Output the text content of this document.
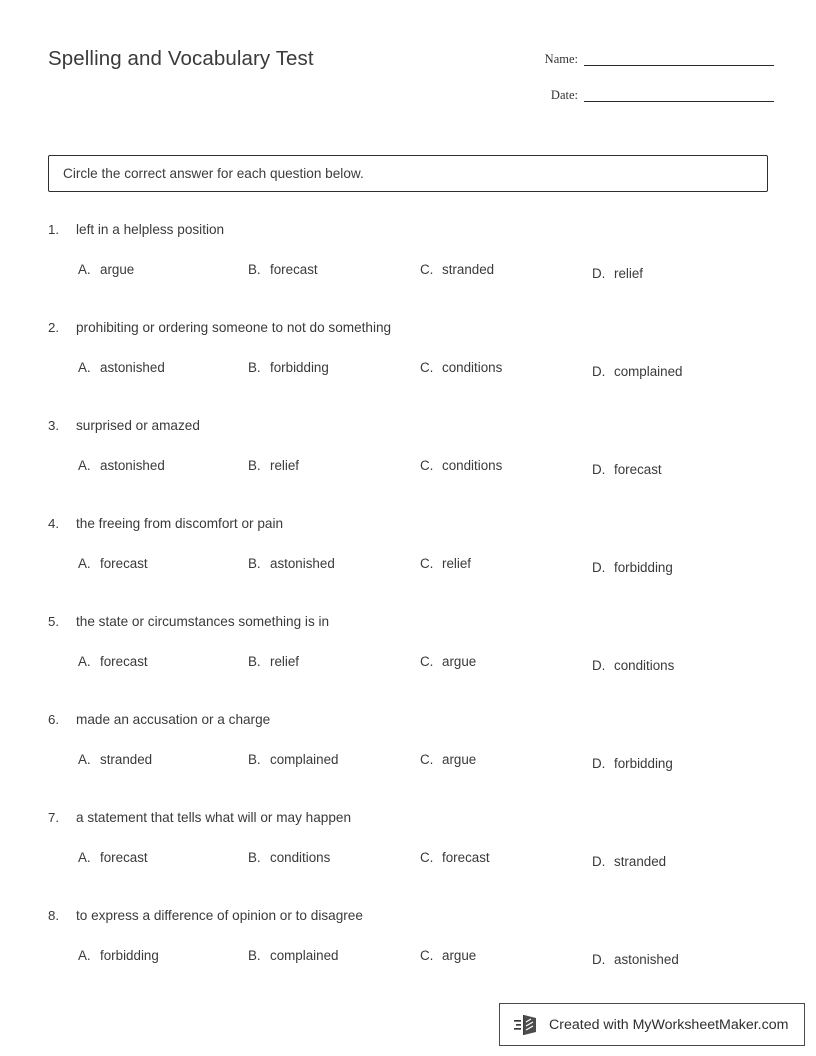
Spelling and Vocabulary Test	Name:
Date:
Circle the correct answer for each question below.
1.	left in a helpless position
A. argue	B. forecast	C. stranded	D. relief
2.	prohibiting or ordering someone to not do something
A. astonished	B. forbidding	C. conditions	D. complained
3.	surprised or amazed
A. astonished	B. relief	C. conditions	D. forecast
4.	the freeing from discomfort or pain
A. forecast	B. astonished	C. relief	D. forbidding
5.	the state or circumstances something is in
A. forecast	B. relief	C. argue	D. conditions
6.	made an accusation or a charge
A. stranded	B. complained	C. argue	D. forbidding
7.	a statement that tells what will or may happen
A. forecast	B. conditions	C. forecast	D. stranded
8.	to express a difference of opinion or to disagree
A. forbidding	B. complained	C. argue	D. astonished
Created with MyWorksheetMaker.com
